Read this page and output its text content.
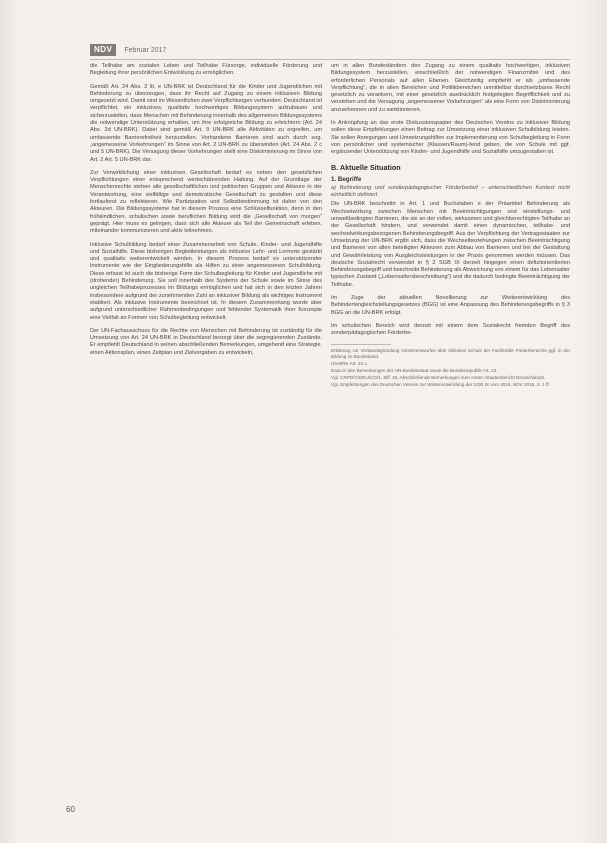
NDV	Februar 2017

die Teilhabe am sozialen Leben und Teilhabe Fürsorge, individuelle Förderung und Begleitung ihrer persönlichen Entwicklung zu ermöglichen.

Gemäß Art. 24 Abs. 2 lit. e UN-BRK ist Deutschland für die Kinder und Jugendlichen mit Behinderung zu überzeugen, dass ihr Recht auf Zugang zu einem inklusiven Bildung umgesetzt wird. Damit sind im Wesentlichen zwei Verpflichtungen verbunden: Deutschland ist verpflichtet, ein inklusives, qualitativ hochwertiges Bildungssystem aufzubauen und sicherzustellen, dass Menschen mit Behinderung innerhalb des allgemeinen Bildungssystems die notwendige Unterstützung erhalten, um ihre erfolgreiche Bildung zu erleichtern (Art. 24 Abs. 2d UN-BRK). Dabei sind gemäß Art. 9 UN-BRK alle Aktivitäten zu ergreifen, um umfassende Barrierefreiheit herzustellen. Vorhandene Barrieren sind auch durch sog. „angemessene Vorkehrungen“ im Sinne von Art. 2 UN-BRK zu überwinden (Art. 24 Abs. 2 c und 5 UN-BRK). Die Versagung dieser Vorkehrungen stellt eine Diskriminierung im Sinne von Art. 2 Art. 5 UN-BRK dar.

Zur Verwirklichung einer inklusiven Gesellschaft bedarf es neben den gesetzlichen Verpflichtungen einer entsprechend wertschätzenden Haltung. Auf der Grundlage der Menschenrechte stehen alle gesellschaftlichen und politischen Gruppen und Akteure in der Verantwortung, eine vielfältige und demokratische Gesellschaft zu gestalten und diese fortlaufend zu reflektieren. Wie Partizipation und Selbstbestimmung ist daher von den Akteuren. Die Bildungssysteme hat in diesem Prozess eine Schlüsselfunktion, denn in den frühkindlichen, schulischen sowie beruflichen Bildung wird die „Gesellschaft von morgen“ geprägt. Hier muss es gelingen, dass sich alle Akteure als Teil der Gemeinschaft erleben, miteinander kommunizieren und aktiv teilnehmen.

Inklusive Schulbildung bedarf einer Zusammenarbeit von Schule, Kinder- und Jugendhilfe und Sozialhilfe. Diese bisherigen Begleitleistungen als inklusive Lehr- und Lernorte gestärkt und qualitativ weiterentwickelt werden. In diesem Prozess bedarf es unterstützender Instrumente wie der Eingliederungshilfe als Hilfen zu einer angemessenen Schulbildung. Diese erfasst ist auch die bisherige Form der Schulbegleitung für Kinder und Jugendliche mit (drohender) Behinderung. Sie soll innerhalb des Systems der Schule sowie im Sinne des ungleichen Teilhabeprozesses im Bildungs ermöglichen und hat sich in den letzten Jahren insbesondere aufgrund der zunehmenden Zahl an inklusiver Bildung als wichtiges Instrument etabliert. Als inklusive Instrumente bezeichnet ist. In diesem Zusammenhang wurde aber aufgrund unterschiedlicher Rahmenbedingungen und fehlender Systematik ihrer Konzepte eine Vielfalt an Formen von Schulbegleitung entwickelt.

Der UN-Fachausschuss für die Rechte von Menschen mit Behinderung ist zuständig für die Umsetzung von Art. 24 UN-BRK in Deutschland besorgt über die segregierenden Zustände. Er empfiehlt Deutschland in seinen abschließenden Bemerkungen, umgehend eine Strategie, einen Aktionsplan, einen Zeitplan und Zielvorgaben zu entwickeln,

um in allen Bundesländern den Zugang zu einem qualitativ hochwertigen, inklusiven Bildungssystem herzustellen, einschließlich der notwendigen Finanzmittel und des erforderlichen Personals auf allen Ebenen. Gleichzeitig empfiehlt er als „umfassende Verpflichtung“, die in allen Bereichen und Politikbereichen unmittelbar durchsetzbares Recht gesetzlich zu verankern, mit einer gesetzlich ausdrücklich festgelegten Begrifflichkeit und zu verstehen und die Versagung „angemessener Vorkehrungen“ als eine Form von Diskriminierung anzuerkennen und zu sanktionieren.

In Anknüpfung an das erste Diskussionspapier des Deutschen Vereins zu inklusiver Bildung sollen diese Empfehlungen einen Beitrag zur Umsetzung einer inklusiven Schulbildung leisten. Sie sollen Anregungen und Umsetzungshilfen zur Implementierung von Schulbegleitung in Form von persönlicher und systemischer (Klassen/Raum)-fend geben, die von Schule mit ggf. ergänzender Unterstützung von Kinder- und Jugendhilfe und Sozialhilfe umzugestalten ist.

B. Aktuelle Situation
1. Begriffe
a) Behinderung und sonderpädagogischer Förderbedarf – unterschiedlichen Kontext nicht einheitlich definiert

Die UN-BRK beschreibt in Art. 1 und Buchstaben e der Präambel Behinderung als Wechselwirkung zwischen Menschen mit Beeinträchtigungen und einstellungs- und umweltbedingten Barrieren, die sie an der vollen, wirksamen und gleichberechtigten Teilhabe an der Gesellschaft hindern, und verwendet damit einen dynamischen, teilhabe- und wechselwirkungsbezogenen Behinderungsbegriff. Aus der Verpflichtung der Vertragsstaaten zur Umsetzung der UN-BRK ergibt sich, dass die Wechselbeziehungen zwischen Beeinträchtigung und Barrieren von allen beteiligten Akteuren zum Abbau von Barrieren und bei der Gestaltung und Gewährleistung von Ausgleichsleistungen in der Praxis genommen werden müssen. Das deutsche Sozialrecht verwendet in § 2 SGB IX derzeit hingegen einen defizitorientierten Behinderungsbegriff und beschreibt Behinderung als Abweichung von einem für das Lebensalter typischen Zustand („Lebensaltersbeschreibung“) und die dadurch bedingte Beeinträchtigung der Teilhabe.

Im Zuge der aktuellen Novellierung zur Weiterentwicklung des Behindertengleichstellungsgesetzes (BGG) ist eine Anpassung des Behinderungsbegriffs in § 3 BGG an die UN-BRK erfolgt.

Im schulischen Bereich wird derzeit mit einem dem Sozialrecht fremden Begriff des sonderpädagogischen Förderbe-

Erklärung zur Verbandsgründung Gesetzentwurfes über inklusive Schule der Fachkräfte Förderbereiche ggf. in der Bildung im Bundesland.
UN-BRK Art. 24 c.
Dazu in den Bemerkungen der UN-Bundesstaat sowie die Bundesrepublik Art. 13.
Vgl. CRPD/C/DEU/CO/1, Ziff. 46, Abschließende Bemerkungen zum ersten Staatenbericht Deutschlands.
Vgl. Empfehlungen des Deutschen Vereins zur Weiterentwicklung der SGB IX vom 2016, NDV 2016, S. 1 ff.
60
